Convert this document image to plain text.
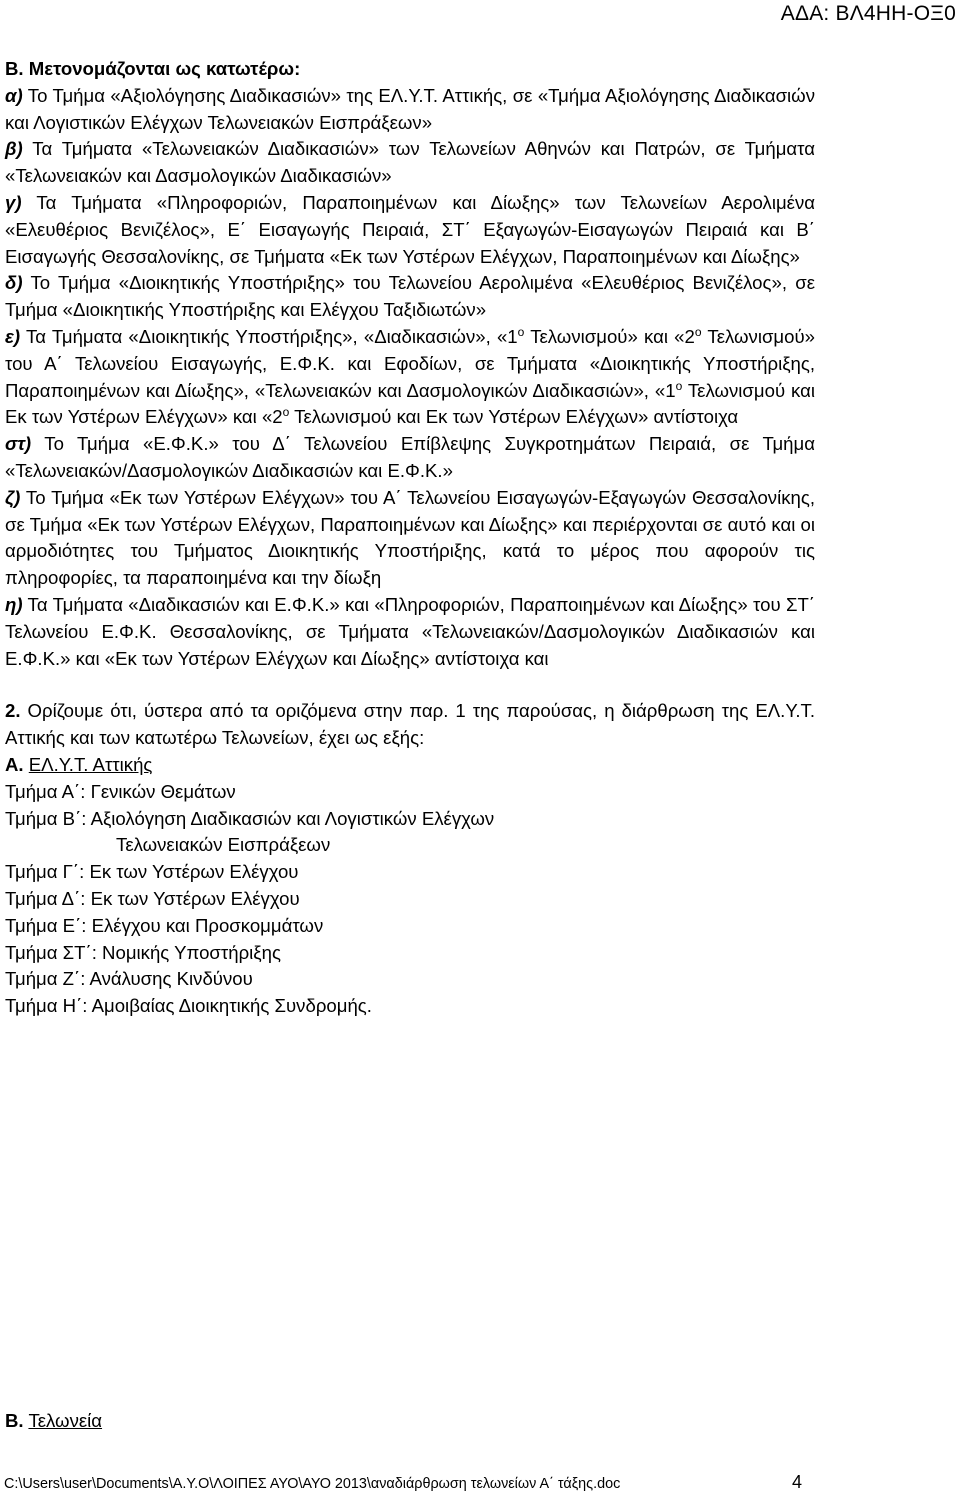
ΑΔΑ: ΒΛ4ΗΗ-ΟΞ0

Β. Μετονομάζονται ως κατωτέρω:

α) Το Τμήμα «Αξιολόγησης Διαδικασιών» της ΕΛ.Υ.Τ. Αττικής, σε «Τμήμα Αξιολόγησης Διαδικασιών και Λογιστικών Ελέγχων Τελωνειακών Εισπράξεων»

β) Τα Τμήματα «Τελωνειακών Διαδικασιών» των Τελωνείων Αθηνών και Πατρών, σε Τμήματα «Τελωνειακών και Δασμολογικών Διαδικασιών»

γ) Τα Τμήματα «Πληροφοριών, Παραποιημένων και Δίωξης» των Τελωνείων Αερολιμένα «Ελευθέριος Βενιζέλος», Ε΄ Εισαγωγής Πειραιά, ΣΤ΄ Εξαγωγών-Εισαγωγών Πειραιά και Β΄ Εισαγωγής Θεσσαλονίκης, σε Τμήματα «Εκ των Υστέρων Ελέγχων, Παραποιημένων και Δίωξης»

δ) Το Τμήμα «Διοικητικής Υποστήριξης» του Τελωνείου Αερολιμένα «Ελευθέριος Βενιζέλος», σε Τμήμα «Διοικητικής Υποστήριξης και Ελέγχου Ταξιδιωτών»

ε) Τα Τμήματα «Διοικητικής Υποστήριξης», «Διαδικασιών», «$1^o$ Τελωνισμού» και «$2^o$ Τελωνισμού» του Α΄ Τελωνείου Εισαγωγής, Ε.Φ.Κ. και Εφοδίων, σε Τμήματα «Διοικητικής Υποστήριξης, Παραποιημένων και Δίωξης», «Τελωνειακών και Δασμολογικών Διαδικασιών», «$1^o$ Τελωνισμού και Εκ των Υστέρων Ελέγχων» και «$2^o$ Τελωνισμού και Εκ των Υστέρων Ελέγχων» αντίστοιχα

στ) Το Τμήμα «Ε.Φ.Κ.» του Δ΄ Τελωνείου Επίβλεψης Συγκροτημάτων Πειραιά, σε Τμήμα «Τελωνειακών/Δασμολογικών Διαδικασιών και Ε.Φ.Κ.»

ζ) Το Τμήμα «Εκ των Υστέρων Ελέγχων» του Α΄ Τελωνείου Εισαγωγών-Εξαγωγών Θεσσαλονίκης, σε Τμήμα «Εκ των Υστέρων Ελέγχων, Παραποιημένων και Δίωξης» και περιέρχονται σε αυτό και οι αρμοδιότητες του Τμήματος Διοικητικής Υποστήριξης, κατά το μέρος που αφορούν τις πληροφορίες, τα παραποιημένα και την δίωξη

η) Τα Τμήματα «Διαδικασιών και Ε.Φ.Κ.» και «Πληροφοριών, Παραποιημένων και Δίωξης» του ΣΤ΄ Τελωνείου Ε.Φ.Κ. Θεσσαλονίκης, σε Τμήματα «Τελωνειακών/Δασμολογικών Διαδικασιών και Ε.Φ.Κ.» και «Εκ των Υστέρων Ελέγχων και Δίωξης» αντίστοιχα και

2. Ορίζουμε ότι, ύστερα από τα οριζόμενα στην παρ. 1 της παρούσας, η διάρθρωση της ΕΛ.Υ.Τ. Αττικής και των κατωτέρω Τελωνείων, έχει ως εξής:

Α. ΕΛ.Υ.Τ. Αττικής

Τμήμα Α΄: Γενικών Θεμάτων
Τμήμα Β΄: Αξιολόγηση Διαδικασιών και Λογιστικών Ελέγχων
Τελωνειακών Εισπράξεων
Τμήμα Γ΄: Εκ των Υστέρων Ελέγχου
Τμήμα Δ΄: Εκ των Υστέρων Ελέγχου
Τμήμα Ε΄: Ελέγχου και Προσκομμάτων
Τμήμα ΣΤ΄: Νομικής Υποστήριξης
Τμήμα Ζ΄: Ανάλυσης Κινδύνου
Τμήμα Η΄: Αμοιβαίας Διοικητικής Συνδρομής.

Β. Τελωνεία
C:\Users\user\Documents\Α.Υ.Ο\ΛΟΙΠΕΣ ΑΥΟ\ΑΥΟ 2013\αναδιάρθρωση τελωνείων Α΄ τάξης.doc	4
